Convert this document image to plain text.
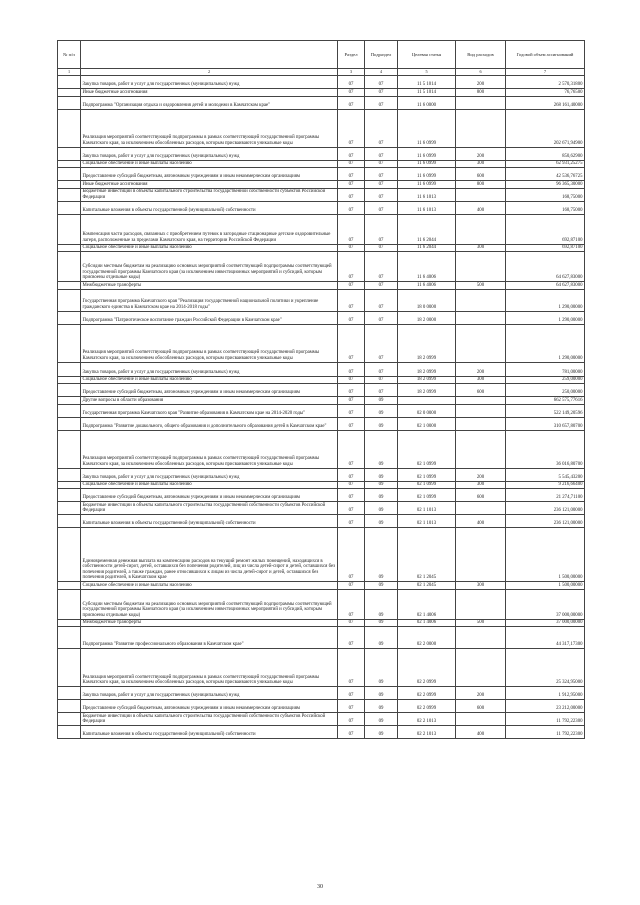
№ п/п		Раздел	Подраздел	Целевая статья	Вид расходов	Годовой объем ассигнований
1	2	3	4	5	6	7
	Закупка товаров, работ и услуг для государственных (муниципальных) нужд	07	07	11 5 1014	200	2 570,31800
	Иные бюджетные ассигнования	07	07	11 5 1014	800	76,76500
	Подпрограмма "Организация отдыха и оздоровления детей и молодежи в Камчатском крае"	07	07	11 6 0000		268 161,40000
	Реализация мероприятий соответствующей подпрограммы в рамках соответствующей государственной программы Камчатского края, за исключением обособленных расходов, которым присваиваются уникальные коды	07	07	11 6 0999		202 671,94900
	Закупка товаров, работ и услуг для государственных (муниципальных) нужд	07	07	11 6 0999	200	850,62900
	Социальное обеспечение и иные выплаты населению	07	07	11 6 0999	300	62 931,25275
	Предоставление субсидий бюджетным, автономным учреждениям и иным некоммерческим организациям	07	07	11 6 0999	600	42 536,76725
	Иные бюджетные ассигнования	07	07	11 6 0999	800	96 365,30000
	Бюджетные инвестиции в объекты капитального строительства государственной собственности субъектов Российской Федерации	07	07	11 6 1013		168,75000
	Капитальные вложения в объекты государственной (муниципальной) собственности	07	07	11 6 1013	400	168,75000
	Компенсация части расходов, связанных с приобретением путевок в загородные стационарные детские оздоровительные лагеря, расположенные за пределами Камчатского края, на территории Российской Федерации	07	07	11 6 2044		692,87100
	Социальное обеспечение и иные выплаты населению	07	07	11 6 2044	300	692,87100
	Субсидии местным бюджетам на реализацию основных мероприятий соответствующей подпрограммы соответствующей государственной программы Камчатского края (за исключением инвестиционных мероприятий и субсидий, которым присвоены отдельные коды)	07	07	11 6 4006		64 627,83000
	Межбюджетные трансферты	07	07	11 6 4006	500	64 627,83000
	Государственная программа Камчатского края "Реализация государственной национальной политики и укрепление гражданского единства в Камчатском крае на 2014-2018 годы"	07	07	18 0 0000		1 290,00000
	Подпрограмма "Патриотическое воспитание граждан Российской Федерации в Камчатском крае"	07	07	18 2 0000		1 290,00000
	Реализация мероприятий соответствующей подпрограммы в рамках соответствующей государственной программы Камчатского края, за исключением обособленных расходов, которым присваиваются уникальные коды	07	07	18 2 0999		1 290,00000
	Закупка товаров, работ и услуг для государственных (муниципальных) нужд	07	07	18 2 0999	200	781,00000
	Социальное обеспечение и иные выплаты населению	07	07	18 2 0999	300	259,00000
	Предоставление субсидий бюджетным, автономным учреждениям и иным некоммерческим организациям	07	07	18 2 0999	600	250,00000
	Другие вопросы в области образования	07	09			662 575,77616
	Государственная программа Камчатского края "Развитие образования в Камчатском крае на 2014-2020 годы"	07	09	02 0 0000		522 149,20596
	Подпрограмма "Развитие дошкольного, общего образования и дополнительного образования детей в Камчатском крае"	07	09	02 1 0000		310 657,80700
	Реализация мероприятий соответствующей подпрограммы в рамках соответствующей государственной программы Камчатского края, за исключением обособленных расходов, которым присваиваются уникальные коды	07	09	02 1 0999		36 016,80700
	Закупка товаров, работ и услуг для государственных (муниципальных) нужд	07	09	02 1 0999	200	5 545,43200
	Социальное обеспечение и иные выплаты населению	07	09	02 1 0999	300	9 216,66400
	Предоставление субсидий бюджетным, автономным учреждениям и иным некоммерческим организациям	07	09	02 1 0999	600	21 274,71100
	Бюджетные инвестиции в объекты капитального строительства государственной собственности субъектов Российской Федерации	07	09	02 1 1013		236 121,00000
	Капитальные вложения в объекты государственной (муниципальной) собственности	07	09	02 1 1013	400	236 121,00000
	Единовременная денежная выплата на компенсацию расходов на текущий ремонт жилых помещений, находящихся в собственности детей-сирот, детей, оставшихся без попечения родителей, лиц из числа детей-сирот и детей, оставшихся без попечения родителей, а также граждан, ранее относившихся к лицам из числа детей-сирот и детей, оставшихся без попечения родителей, в Камчатском крае	07	09	02 1 2045		1 500,00000
	Социальное обеспечение и иные выплаты населению	07	09	02 1 2045	300	1 500,00000
	Субсидии местным бюджетам на реализацию основных мероприятий соответствующей подпрограммы соответствующей государственной программы Камчатского края (за исключением инвестиционных мероприятий и субсидий, которым присвоены отдельные коды)	07	09	02 1 4006		37 000,00000
	Межбюджетные трансферты	07	09	02 1 4006	500	37 000,00000
	Подпрограмма "Развитие профессионального образования в Камчатском крае"	07	09	02 2 0000		44 317,17300
	Реализация мероприятий соответствующей подпрограммы в рамках соответствующей государственной программы Камчатского края, за исключением обособленных расходов, которым присваиваются уникальные коды	07	09	02 2 0999		25 324,95000
	Закупка товаров, работ и услуг для государственных (муниципальных) нужд	07	09	02 2 0999	200	1 912,95000
	Предоставление субсидий бюджетным, автономным учреждениям и иным некоммерческим организациям	07	09	02 2 0999	600	23 212,00000
	Бюджетные инвестиции в объекты капитального строительства государственной собственности субъектов Российской Федерации	07	09	02 2 1013		11 792,22300
	Капитальные вложения в объекты государственной (муниципальной) собственности	07	09	02 2 1013	400	11 792,22300
30
